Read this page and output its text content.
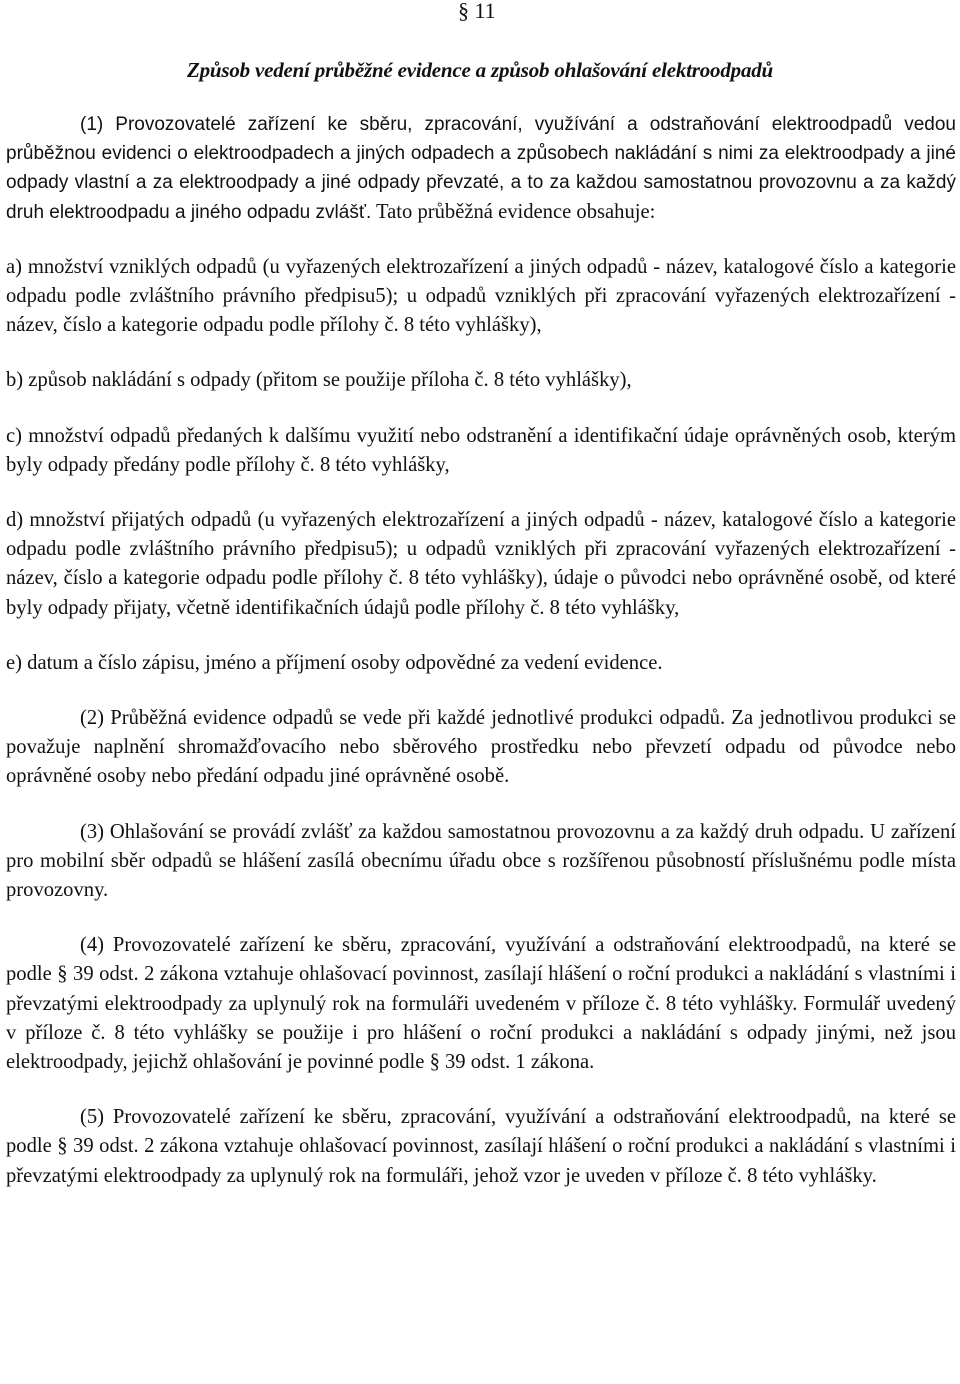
§ 11
Způsob vedení průběžné evidence a způsob ohlašování elektroodpadů

(1) Provozovatelé zařízení ke sběru, zpracování, využívání a odstraňování elektroodpadů vedou průběžnou evidenci o elektroodpadech a jiných odpadech a způsobech nakládání s nimi za elektroodpady a jiné odpady vlastní a za elektroodpady a jiné odpady převzaté, a to za každou samostatnou provozovnu a za každý druh elektroodpadu a jiného odpadu zvlášť. Tato průběžná evidence obsahuje:

a) množství vzniklých odpadů (u vyřazených elektrozařízení a jiných odpadů - název, katalogové číslo a kategorie odpadu podle zvláštního právního předpisu5); u odpadů vzniklých při zpracování vyřazených elektrozařízení - název, číslo a kategorie odpadu podle přílohy č. 8 této vyhlášky),

b) způsob nakládání s odpady (přitom se použije příloha č. 8 této vyhlášky),

c) množství odpadů předaných k dalšímu využití nebo odstranění a identifikační údaje oprávněných osob, kterým byly odpady předány podle přílohy č. 8 této vyhlášky,

d) množství přijatých odpadů (u vyřazených elektrozařízení a jiných odpadů - název, katalogové číslo a kategorie odpadu podle zvláštního právního předpisu5); u odpadů vzniklých při zpracování vyřazených elektrozařízení - název, číslo a kategorie odpadu podle přílohy č. 8 této vyhlášky), údaje o původci nebo oprávněné osobě, od které byly odpady přijaty, včetně identifikačních údajů podle přílohy č. 8 této vyhlášky,

e) datum a číslo zápisu, jméno a příjmení osoby odpovědné za vedení evidence.

(2) Průběžná evidence odpadů se vede při každé jednotlivé produkci odpadů. Za jednotlivou produkci se považuje naplnění shromažďovacího nebo sběrového prostředku nebo převzetí odpadu od původce nebo oprávněné osoby nebo předání odpadu jiné oprávněné osobě.

(3) Ohlašování se provádí zvlášť za každou samostatnou provozovnu a za každý druh odpadu. U zařízení pro mobilní sběr odpadů se hlášení zasílá obecnímu úřadu obce s rozšířenou působností příslušnému podle místa provozovny.

(4) Provozovatelé zařízení ke sběru, zpracování, využívání a odstraňování elektroodpadů, na které se podle § 39 odst. 2 zákona vztahuje ohlašovací povinnost, zasílají hlášení o roční produkci a nakládání s vlastními i převzatými elektroodpady za uplynulý rok na formuláři uvedeném v příloze č. 8 této vyhlášky. Formulář uvedený v příloze č. 8 této vyhlášky se použije i pro hlášení o roční produkci a nakládání s odpady jinými, než jsou elektroodpady, jejichž ohlašování je povinné podle § 39 odst. 1 zákona.

(5) Provozovatelé zařízení ke sběru, zpracování, využívání a odstraňování elektroodpadů, na které se podle § 39 odst. 2 zákona vztahuje ohlašovací povinnost, zasílají hlášení o roční produkci a nakládání s vlastními i převzatými elektroodpady za uplynulý rok na formuláři, jehož vzor je uveden v příloze č. 8 této vyhlášky.
